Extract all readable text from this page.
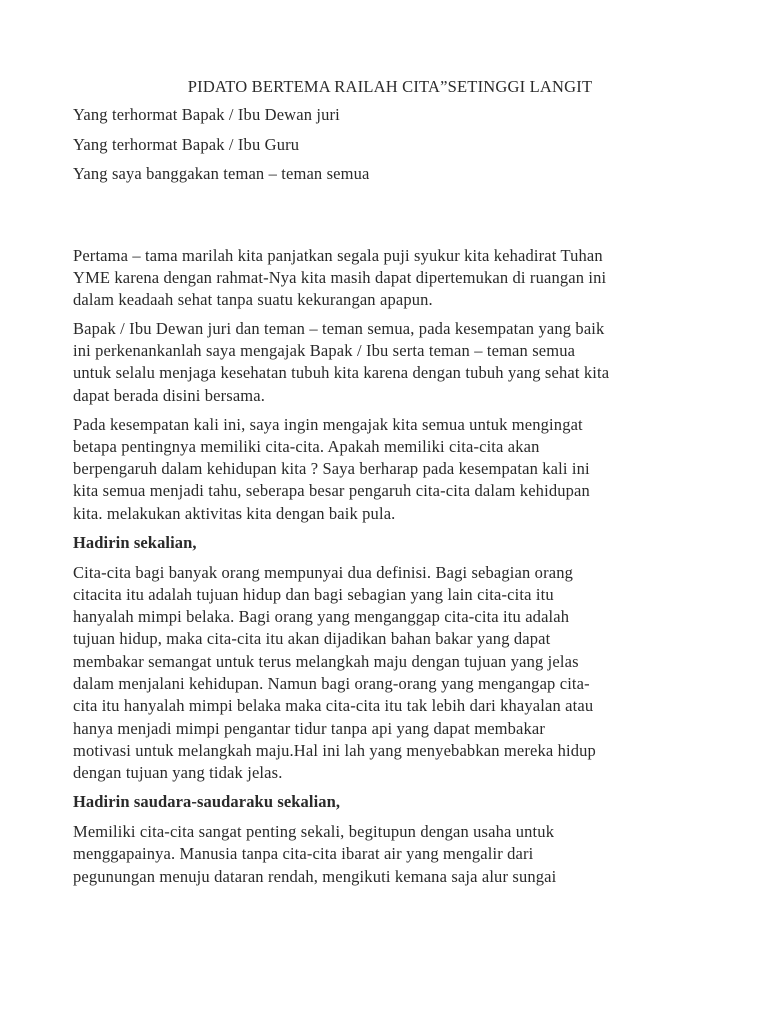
PIDATO BERTEMA RAILAH CITA”SETINGGI LANGIT
Yang terhormat Bapak / Ibu Dewan juri
Yang terhormat Bapak / Ibu Guru
Yang saya banggakan teman – teman semua

Pertama – tama marilah kita panjatkan segala puji syukur kita kehadirat Tuhan
YME karena dengan rahmat-Nya kita masih dapat dipertemukan di ruangan ini
dalam keadaah sehat tanpa suatu kekurangan apapun.

Bapak / Ibu Dewan juri dan teman – teman semua, pada kesempatan yang baik
ini perkenankanlah saya mengajak Bapak / Ibu serta teman – teman semua
untuk selalu menjaga kesehatan tubuh kita karena dengan tubuh yang sehat kita
dapat berada disini bersama.

Pada kesempatan kali ini, saya ingin mengajak kita semua untuk mengingat
betapa pentingnya memiliki cita-cita. Apakah memiliki cita-cita akan
berpengaruh dalam kehidupan kita ? Saya berharap pada kesempatan kali ini
kita semua menjadi tahu, seberapa besar pengaruh cita-cita dalam kehidupan
kita. melakukan aktivitas kita dengan baik pula.

Hadirin sekalian,

Cita-cita bagi banyak orang mempunyai dua definisi. Bagi sebagian orang
citacita itu adalah tujuan hidup dan bagi sebagian yang lain cita-cita itu
hanyalah mimpi belaka. Bagi orang yang menganggap cita-cita itu adalah
tujuan hidup, maka cita-cita itu akan dijadikan bahan bakar yang dapat
membakar semangat untuk terus melangkah maju dengan tujuan yang jelas
dalam menjalani kehidupan. Namun bagi orang-orang yang mengangap cita-
cita itu hanyalah mimpi belaka maka cita-cita itu tak lebih dari khayalan atau
hanya menjadi mimpi pengantar tidur tanpa api yang dapat membakar
motivasi untuk melangkah maju.Hal ini lah yang menyebabkan mereka hidup
dengan tujuan yang tidak jelas.

Hadirin saudara-saudaraku sekalian,

Memiliki cita-cita sangat penting sekali, begitupun dengan usaha untuk
menggapainya. Manusia tanpa cita-cita ibarat air yang mengalir dari
pegunungan menuju dataran rendah, mengikuti kemana saja alur sungai
